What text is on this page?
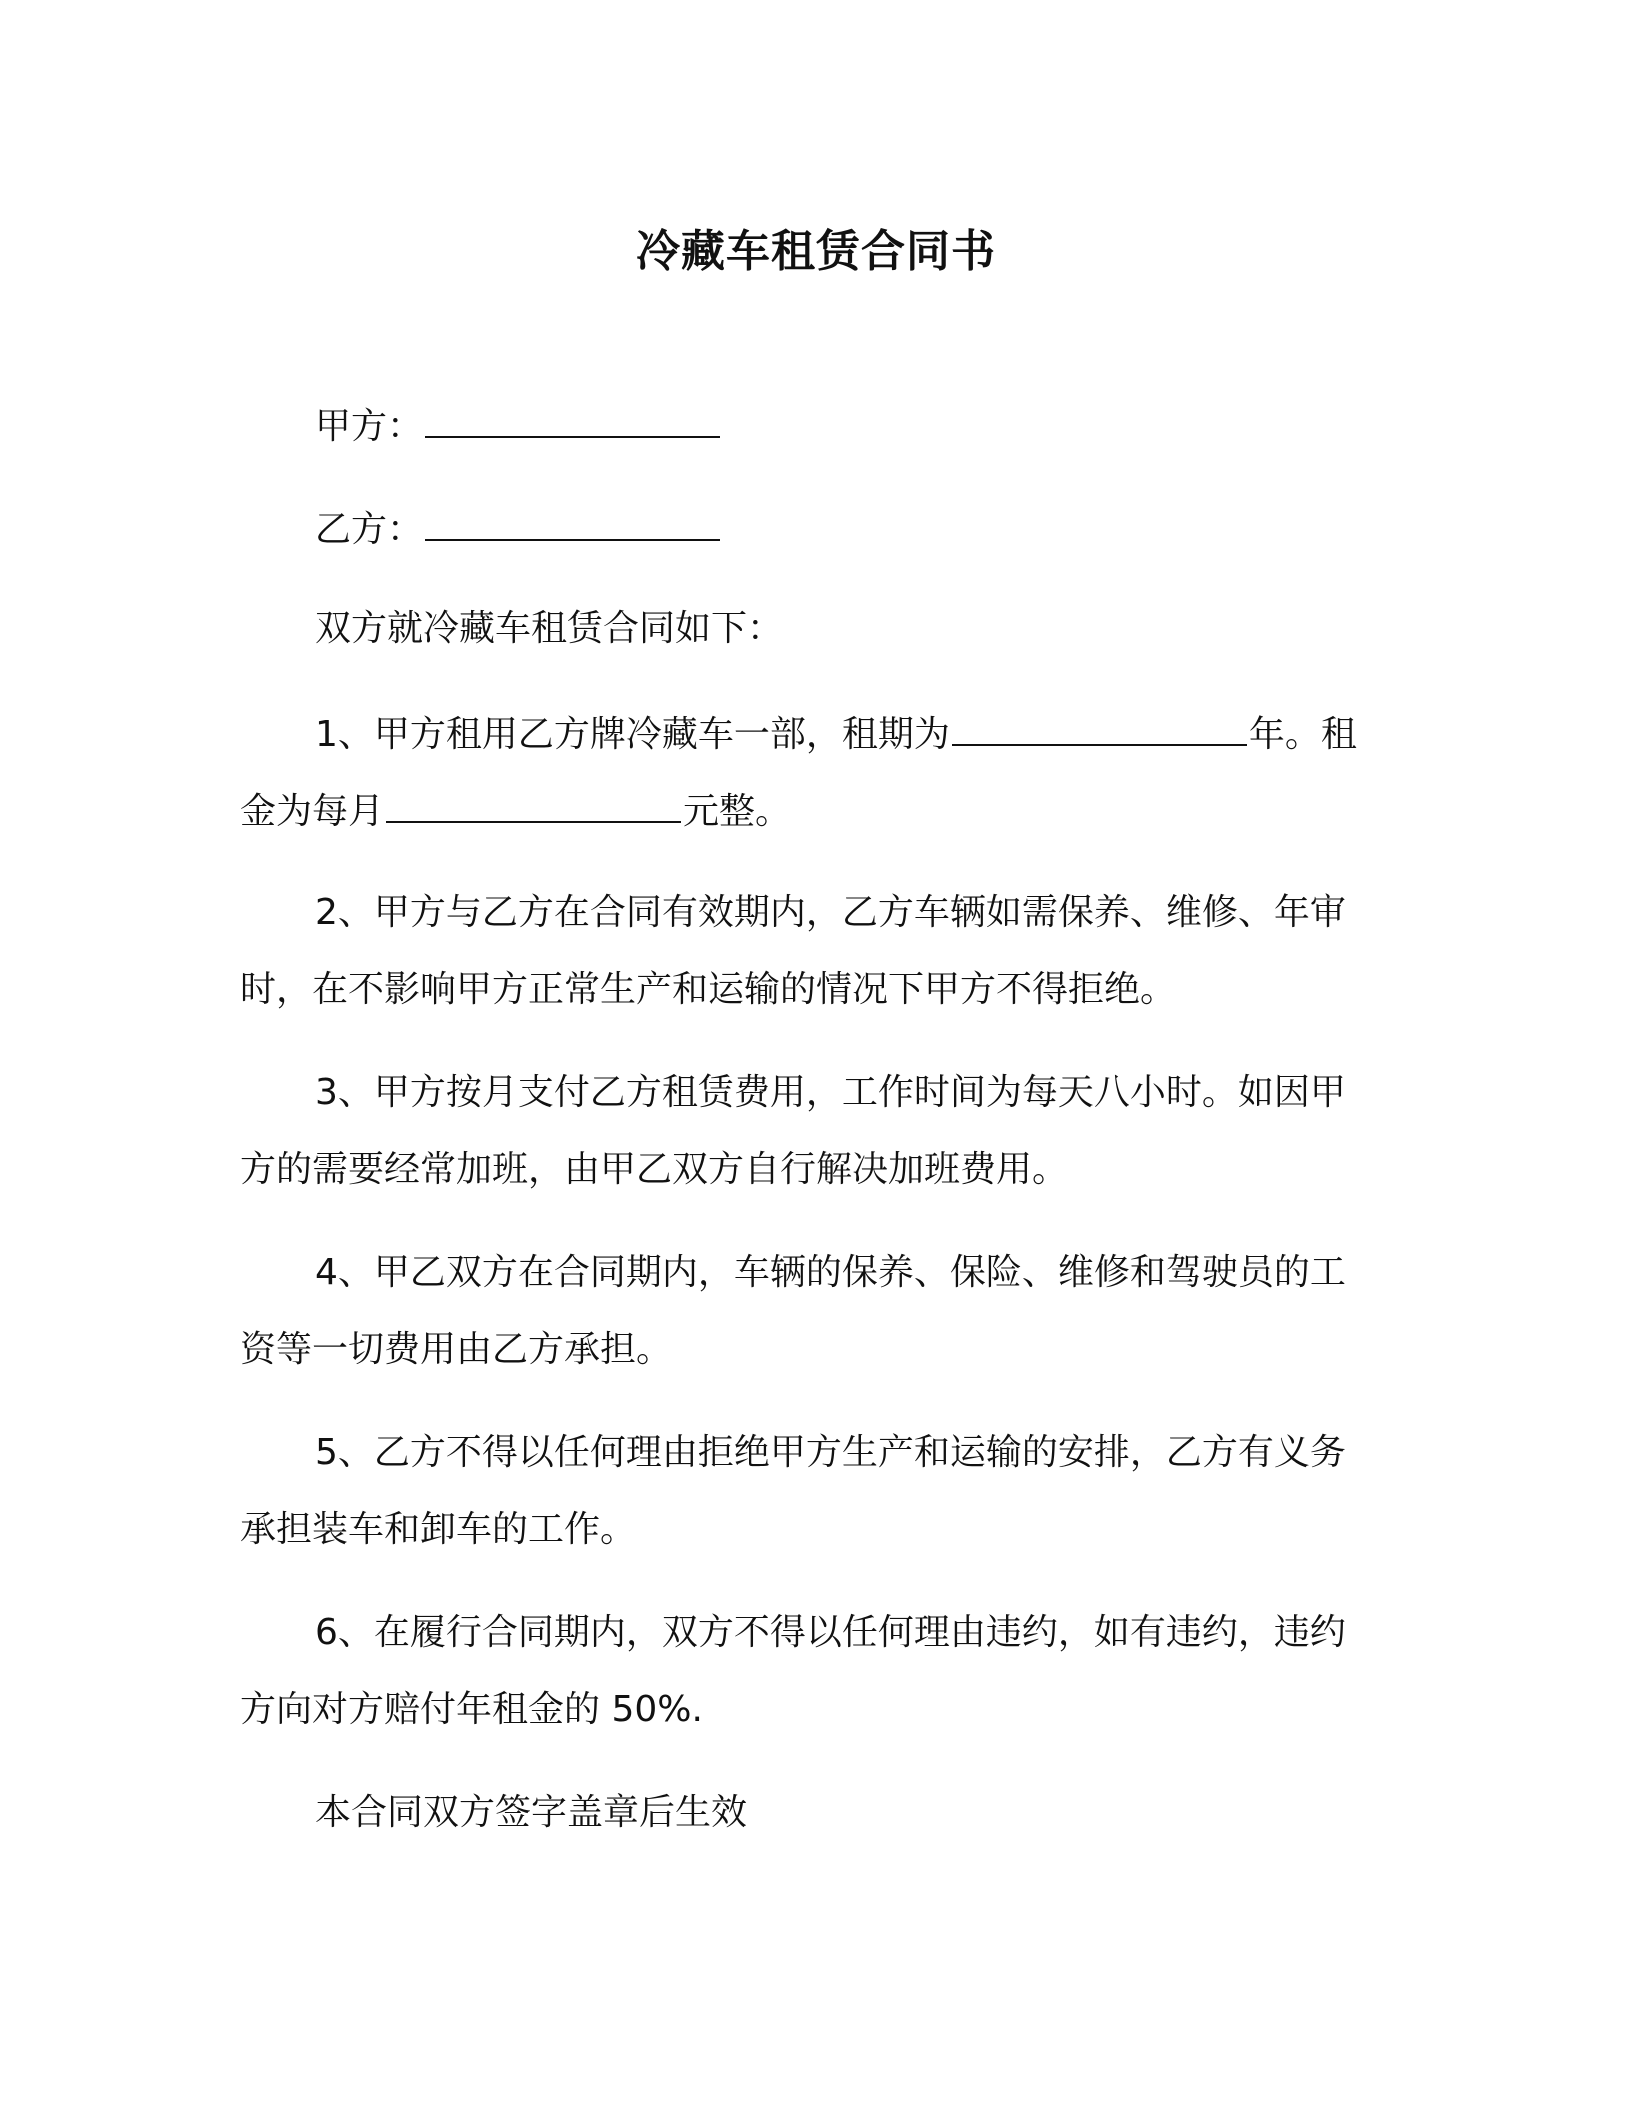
冷藏车租赁合同书
甲方：
乙方：
双方就冷藏车租赁合同如下：
1、甲方租用乙方牌冷藏车一部，租期为	年。租
金为每月	元整。
2、甲方与乙方在合同有效期内，乙方车辆如需保养、维修、年审
时，在不影响甲方正常生产和运输的情况下甲方不得拒绝。
3、甲方按月支付乙方租赁费用，工作时间为每天八小时。如因甲
方的需要经常加班，由甲乙双方自行解决加班费用。
4、甲乙双方在合同期内，车辆的保养、保险、维修和驾驶员的工
资等一切费用由乙方承担。
5、乙方不得以任何理由拒绝甲方生产和运输的安排，乙方有义务
承担装车和卸车的工作。
6、在履行合同期内，双方不得以任何理由违约，如有违约，违约
方向对方赔付年租金的 50%.
本合同双方签字盖章后生效
